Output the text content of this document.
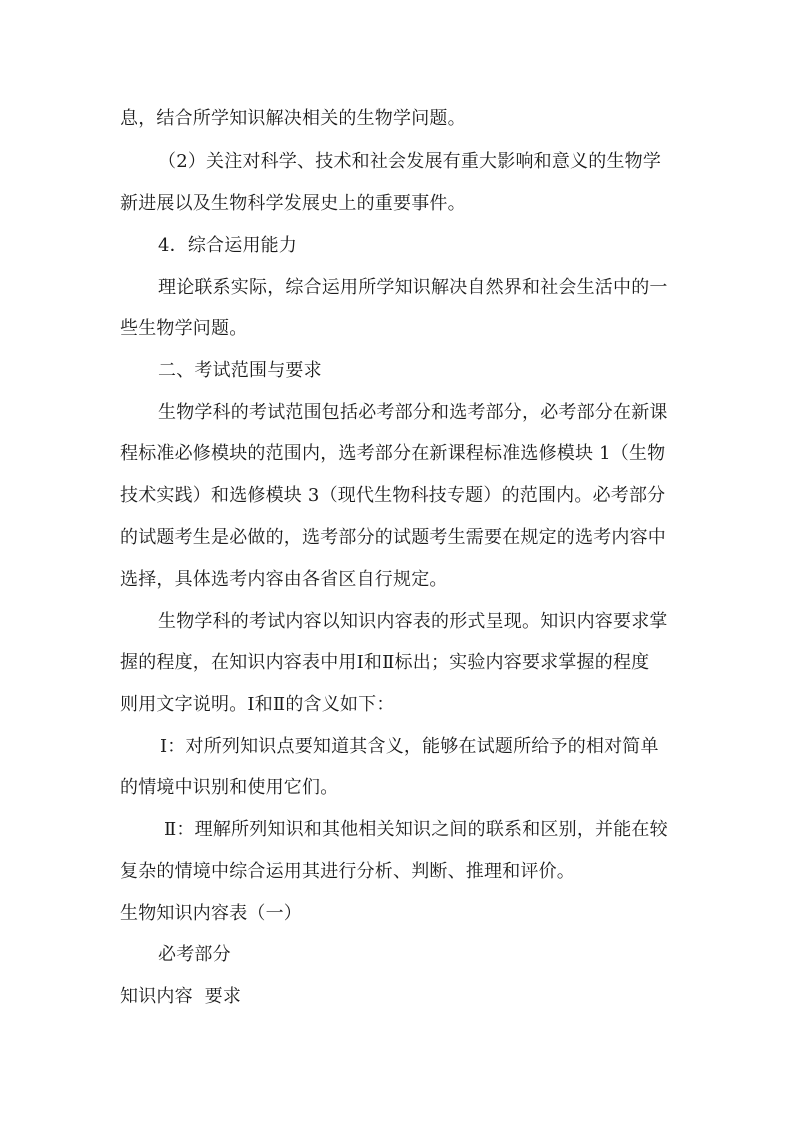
息，结合所学知识解决相关的生物学问题。
（2）关注对科学、技术和社会发展有重大影响和意义的生物学
新进展以及生物科学发展史上的重要事件。
4．综合运用能力
理论联系实际，综合运用所学知识解决自然界和社会生活中的一
些生物学问题。
二、考试范围与要求
生物学科的考试范围包括必考部分和选考部分，必考部分在新课
程标准必修模块的范围内，选考部分在新课程标准选修模块 1（生物
技术实践）和选修模块 3（现代生物科技专题）的范围内。必考部分
的试题考生是必做的，选考部分的试题考生需要在规定的选考内容中
选择，具体选考内容由各省区自行规定。
生物学科的考试内容以知识内容表的形式呈现。知识内容要求掌
握的程度，在知识内容表中用Ⅰ和Ⅱ标出；实验内容要求掌握的程度
则用文字说明。Ⅰ和Ⅱ的含义如下：
Ⅰ：对所列知识点要知道其含义，能够在试题所给予的相对简单
的情境中识别和使用它们。
Ⅱ：理解所列知识和其他相关知识之间的联系和区别，并能在较
复杂的情境中综合运用其进行分析、判断、推理和评价。
生物知识内容表（一）
必考部分
知识内容  要求
